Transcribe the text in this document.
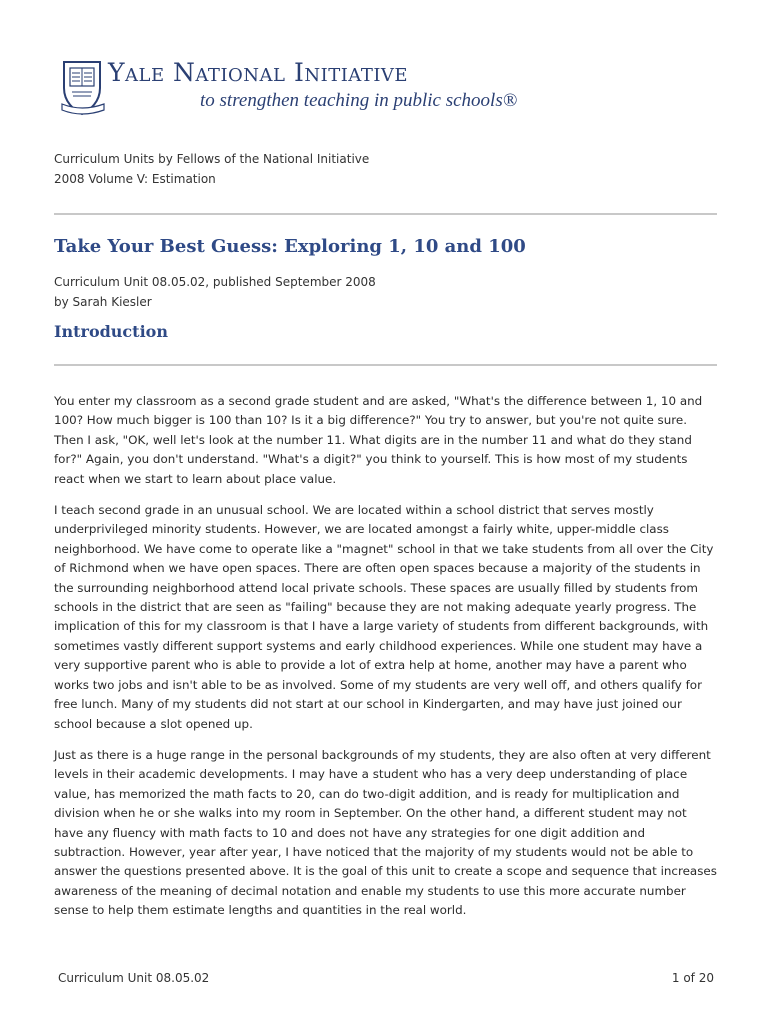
Yale National Initiative
to strengthen teaching in public schools®
Curriculum Units by Fellows of the National Initiative
2008 Volume V: Estimation
Take Your Best Guess: Exploring 1, 10 and 100
Curriculum Unit 08.05.02, published September 2008
by Sarah Kiesler
Introduction

You enter my classroom as a second grade student and are asked, "What's the difference between 1, 10 and 100? How much bigger is 100 than 10? Is it a big difference?" You try to answer, but you're not quite sure. Then I ask, "OK, well let's look at the number 11. What digits are in the number 11 and what do they stand for?" Again, you don't understand. "What's a digit?" you think to yourself. This is how most of my students react when we start to learn about place value.

I teach second grade in an unusual school. We are located within a school district that serves mostly underprivileged minority students. However, we are located amongst a fairly white, upper-middle class neighborhood. We have come to operate like a "magnet" school in that we take students from all over the City of Richmond when we have open spaces. There are often open spaces because a majority of the students in the surrounding neighborhood attend local private schools. These spaces are usually filled by students from schools in the district that are seen as "failing" because they are not making adequate yearly progress. The implication of this for my classroom is that I have a large variety of students from different backgrounds, with sometimes vastly different support systems and early childhood experiences. While one student may have a very supportive parent who is able to provide a lot of extra help at home, another may have a parent who works two jobs and isn't able to be as involved. Some of my students are very well off, and others qualify for free lunch. Many of my students did not start at our school in Kindergarten, and may have just joined our school because a slot opened up.

Just as there is a huge range in the personal backgrounds of my students, they are also often at very different levels in their academic developments. I may have a student who has a very deep understanding of place value, has memorized the math facts to 20, can do two-digit addition, and is ready for multiplication and division when he or she walks into my room in September. On the other hand, a different student may not have any fluency with math facts to 10 and does not have any strategies for one digit addition and subtraction. However, year after year, I have noticed that the majority of my students would not be able to answer the questions presented above. It is the goal of this unit to create a scope and sequence that increases awareness of the meaning of decimal notation and enable my students to use this more accurate number sense to help them estimate lengths and quantities in the real world.

Curriculum Unit 08.05.02	1 of 20
